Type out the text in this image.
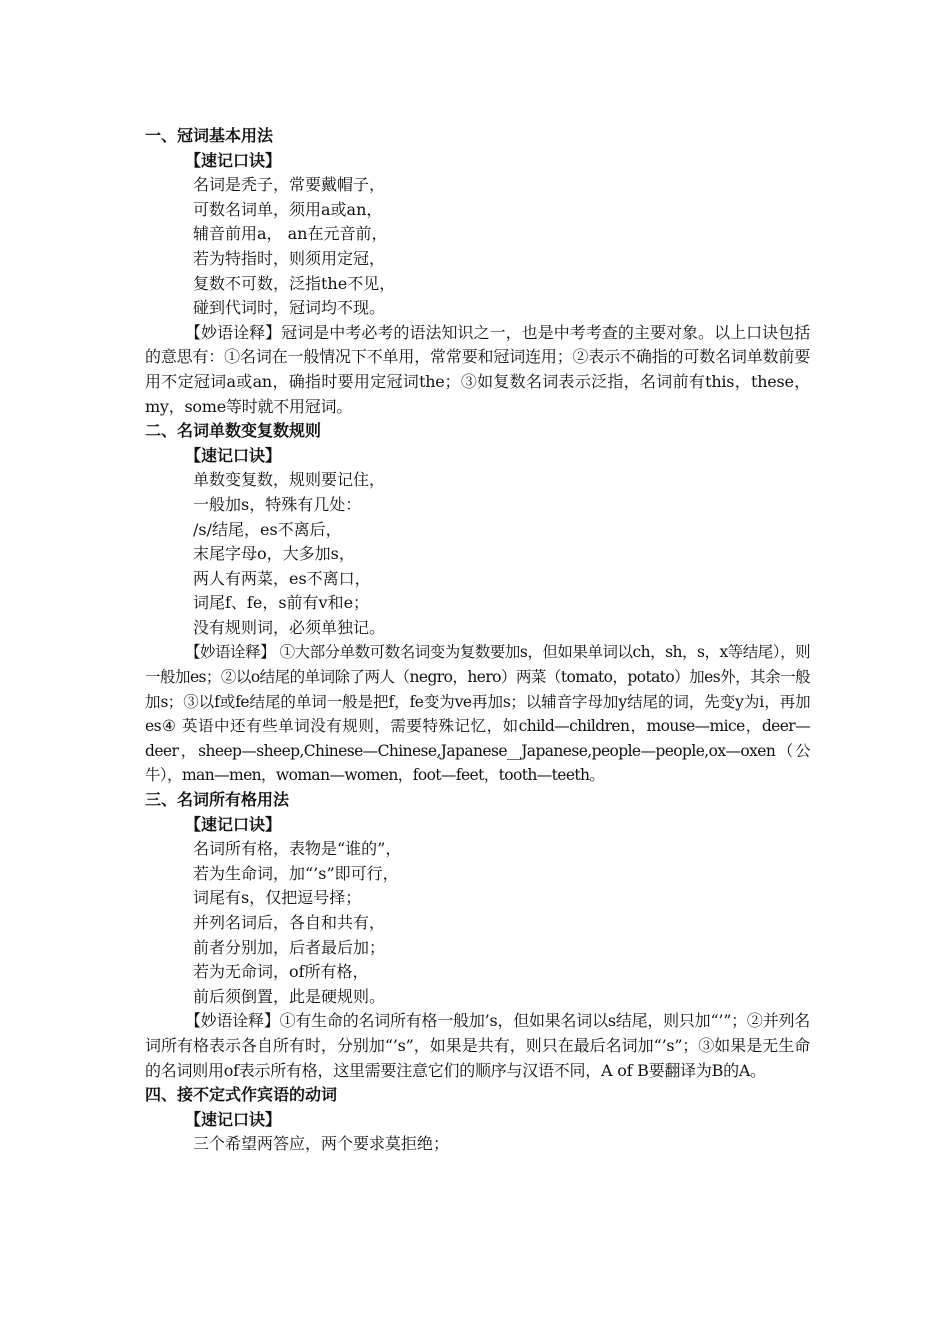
一、冠词基本用法
【速记口诀】
名词是秃子，常要戴帽子，
可数名词单，须用a或an，
辅音前用a， an在元音前，
若为特指时，则须用定冠，
复数不可数，泛指the不见，
碰到代词时，冠词均不现。
【妙语诠释】冠词是中考必考的语法知识之一，也是中考考查的主要对象。以上口诀包括的意思有：①名词在一般情况下不单用，常常要和冠词连用；②表示不确指的可数名词单数前要用不定冠词a或an，确指时要用定冠词the；③如复数名词表示泛指，名词前有this，these，my，some等时就不用冠词。
二、名词单数变复数规则
【速记口诀】
单数变复数，规则要记住，
一般加s，特殊有几处：
/s/结尾，es不离后，
末尾字母o，大多加s，
两人有两菜，es不离口，
词尾f、fe，s前有v和e；
没有规则词，必须单独记。
【妙语诠释】 ①大部分单数可数名词变为复数要加s，但如果单词以ch，sh，s，x等结尾），则一般加es；②以o结尾的单词除了两人（negro，hero）两菜（tomato，potato）加es外，其余一般加s；③以f或fe结尾的单词一般是把f，fe变为ve再加s；以辅音字母加y结尾的词，先变y为i，再加es④ 英语中还有些单词没有规则，需要特殊记忆，如child—children，mouse—mice，deer—deer，sheep—sheep,Chinese—Chinese,Japanese__Japanese,people—people,ox—oxen（公牛），man—men，woman—women，foot—feet，tooth—teeth。
三、名词所有格用法
【速记口诀】
名词所有格，表物是“谁的”，
若为生命词，加“’s”即可行，
词尾有s，仅把逗号择；
并列名词后，各自和共有，
前者分别加，后者最后加；
若为无命词，of所有格，
前后须倒置，此是硬规则。
【妙语诠释】①有生命的名词所有格一般加’s，但如果名词以s结尾，则只加“’”；②并列名词所有格表示各自所有时，分别加“’s”，如果是共有，则只在最后名词加“’s”；③如果是无生命的名词则用of表示所有格，这里需要注意它们的顺序与汉语不同，A of B要翻译为B的A。
四、接不定式作宾语的动词
【速记口诀】
三个希望两答应，两个要求莫拒绝；
